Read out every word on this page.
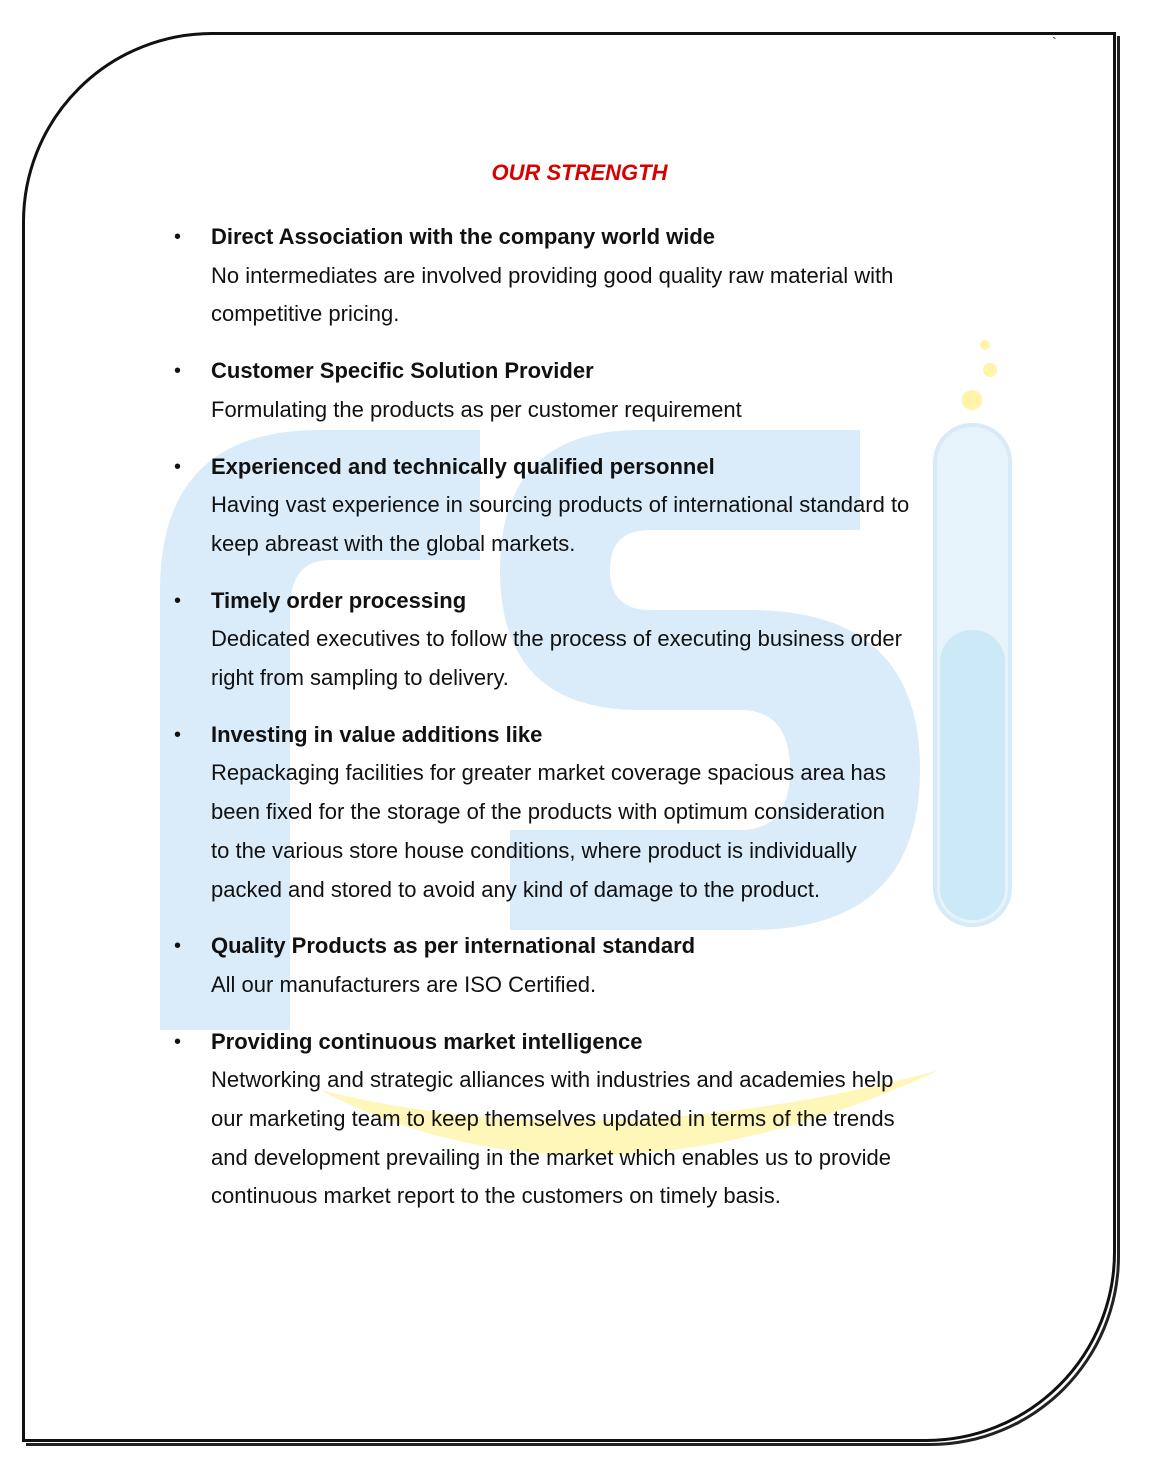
`
OUR STRENGTH
• Direct Association with the company world wide
No intermediates are involved providing good quality raw material with
competitive pricing.
• Customer Specific Solution Provider
Formulating the products as per customer requirement
• Experienced and technically qualified personnel
Having vast experience in sourcing products of international standard to
keep abreast with the global markets.
• Timely order processing
Dedicated executives to follow the process of executing business order
right from sampling to delivery.
• Investing in value additions like
Repackaging facilities for greater market coverage spacious area has
been fixed for the storage of the products with optimum consideration
to the various store house conditions, where product is individually
packed and stored to avoid any kind of damage to the product.
• Quality Products as per international standard
All our manufacturers are ISO Certified.
• Providing continuous market intelligence
Networking and strategic alliances with industries and academies help
our marketing team to keep themselves updated in terms of the trends
and development prevailing in the market which enables us to provide
continuous market report to the customers on timely basis.
